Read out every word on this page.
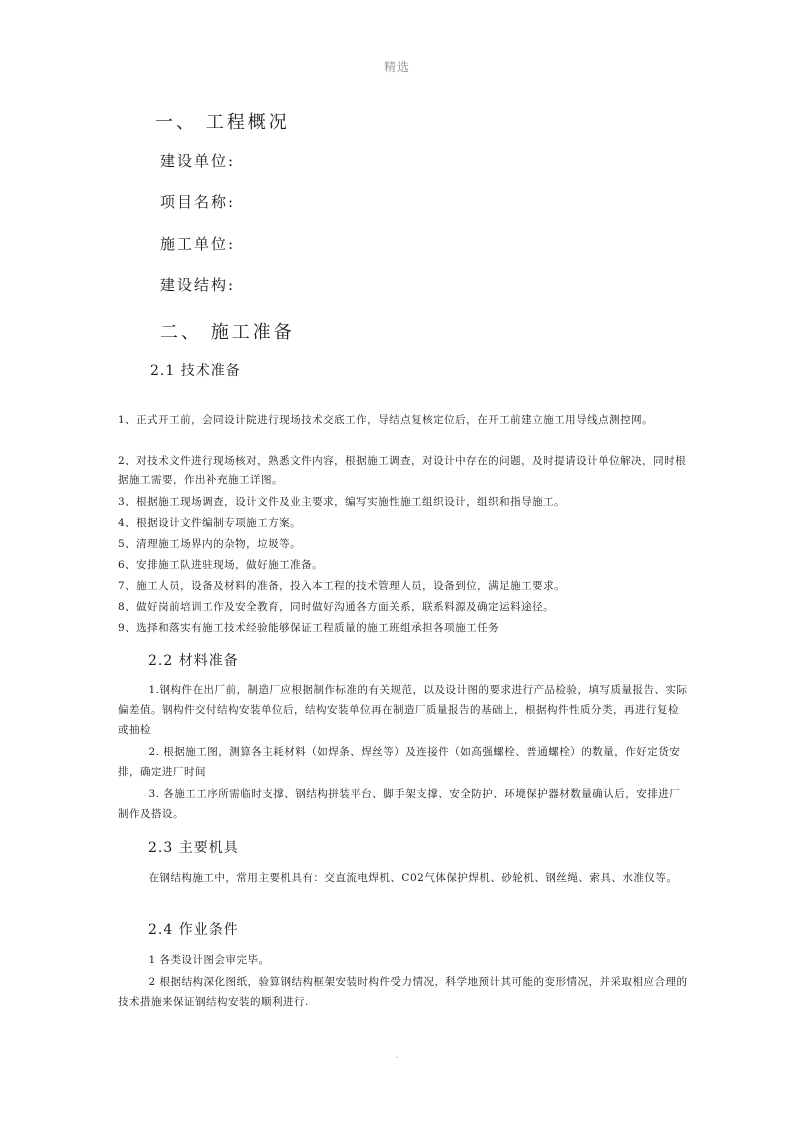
精选
一、 工程概况
建设单位:
项目名称:
施工单位:
建设结构:
二、 施工准备
2.1 技术准备
1、正式开工前，会同设计院进行现场技术交底工作，导结点复核定位后，在开工前建立施工用导线点测控网。
2、对技术文件进行现场核对，熟悉文件内容，根据施工调查，对设计中存在的问题，及时提请设计单位解决，同时根据施工需要，作出补充施工详图。
3、根据施工现场调查，设计文件及业主要求，编写实施性施工组织设计，组织和指导施工。
4、根据设计文件编制专项施工方案。
5、清理施工场界内的杂物，垃圾等。
6、安排施工队进驻现场，做好施工准备。
7、施工人员，设备及材料的准备，投入本工程的技术管理人员，设备到位，满足施工要求。
8、做好岗前培训工作及安全教育，同时做好沟通各方面关系，联系料源及确定运料途径。
9、选择和落实有施工技术经验能够保证工程质量的施工班组承担各项施工任务
2.2 材料准备
1.钢构件在出厂前，制造厂应根据制作标准的有关规范，以及设计图的要求进行产品检验，填写质量报告、实际偏差值。钢构件交付结构安装单位后，结构安装单位再在制造厂质量报告的基础上，根据构件性质分类，再进行复检或抽检
2. 根据施工图，测算各主耗材料（如焊条、焊丝等）及连接件（如高强螺栓、普通螺栓）的数量，作好定货安排，确定进厂时间
3. 各施工工序所需临时支撑、钢结构拼装平台、脚手架支撑、安全防护、环境保护器材数量确认后，安排进厂制作及搭设。
2.3 主要机具
在钢结构施工中，常用主要机具有：交直流电焊机、C02气体保护焊机、砂轮机、钢丝绳、索具、水准仪等。
2.4 作业条件
1 各类设计图会审完毕。
2 根据结构深化图纸，验算钢结构框架安装时构件受力情况，科学地预计其可能的变形情况，并采取相应合理的技术措施来保证钢结构安装的顺利进行.
.
